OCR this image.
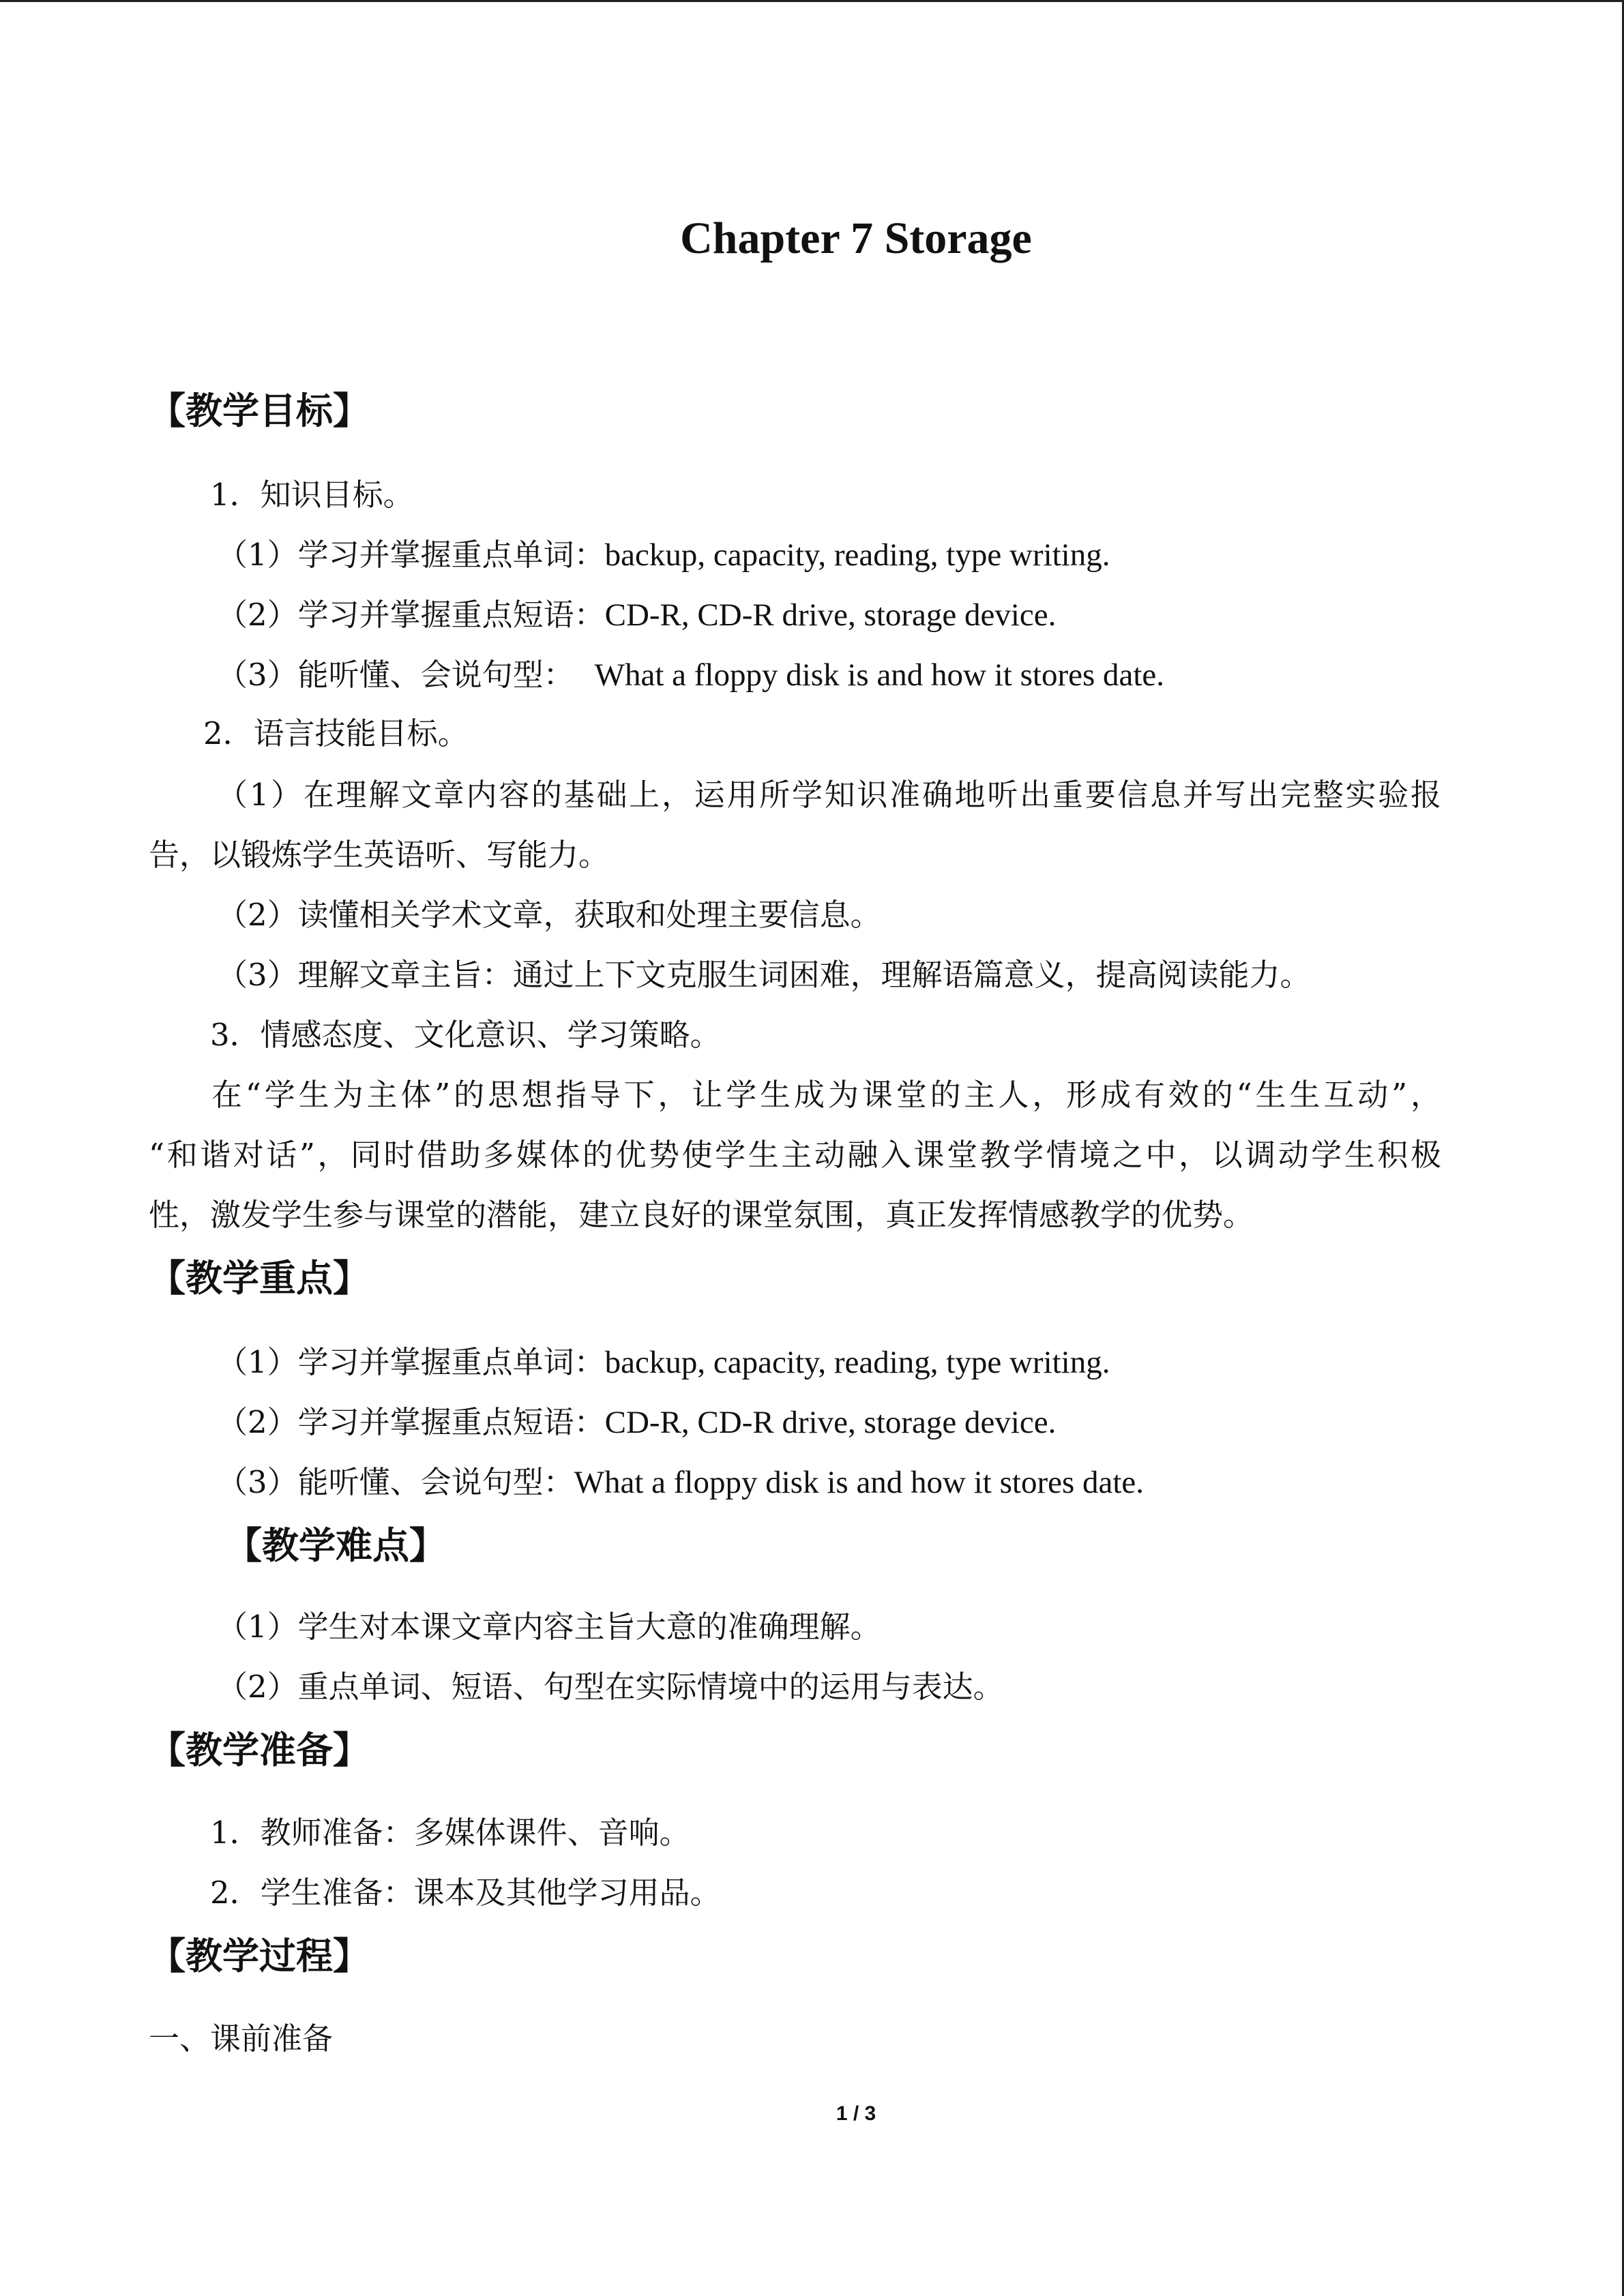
Chapter 7 Storage
【教学目标】
1．知识目标。
（1）学习并掌握重点单词：backup, capacity, reading, type writing.
（2）学习并掌握重点短语：CD-R, CD-R drive, storage device.
（3）能听懂、会说句型： What a floppy disk is and how it stores date.
2．语言技能目标。
（1）在理解文章内容的基础上，运用所学知识准确地听出重要信息并写出完整实验报
告，以锻炼学生英语听、写能力。
（2）读懂相关学术文章，获取和处理主要信息。
（3）理解文章主旨：通过上下文克服生词困难，理解语篇意义，提高阅读能力。
3．情感态度、文化意识、学习策略。
在“学生为主体”的思想指导下，让学生成为课堂的主人，形成有效的“生生互动”，
“和谐对话”，同时借助多媒体的优势使学生主动融入课堂教学情境之中，以调动学生积极
性，激发学生参与课堂的潜能，建立良好的课堂氛围，真正发挥情感教学的优势。
【教学重点】
（1）学习并掌握重点单词：backup, capacity, reading, type writing.
（2）学习并掌握重点短语：CD-R, CD-R drive, storage device.
（3）能听懂、会说句型：What a floppy disk is and how it stores date.
【教学难点】
（1）学生对本课文章内容主旨大意的准确理解。
（2）重点单词、短语、句型在实际情境中的运用与表达。
【教学准备】
1．教师准备：多媒体课件、音响。
2．学生准备：课本及其他学习用品。
【教学过程】
一、课前准备
1 / 3
